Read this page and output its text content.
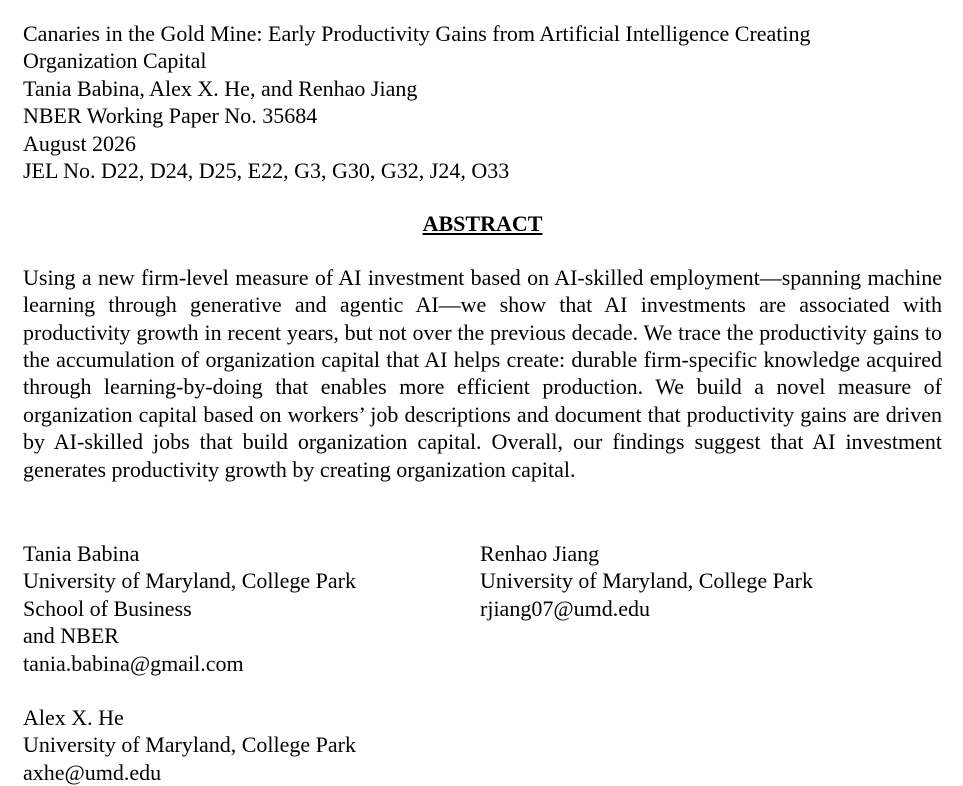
Canaries in the Gold Mine: Early Productivity Gains from Artificial Intelligence Creating
Organization Capital
Tania Babina, Alex X. He, and Renhao Jiang
NBER Working Paper No. 35684
August 2026
JEL No. D22, D24, D25, E22, G3, G30, G32, J24, O33
ABSTRACT

Using a new firm-level measure of AI investment based on AI-skilled employment—spanning machine learning through generative and agentic AI—we show that AI investments are associated with productivity growth in recent years, but not over the previous decade. We trace the productivity gains to the accumulation of organization capital that AI helps create: durable firm-specific knowledge acquired through learning-by-doing that enables more efficient production. We build a novel measure of organization capital based on workers’ job descriptions and document that productivity gains are driven by AI-skilled jobs that build organization capital. Overall, our findings suggest that AI investment generates productivity growth by creating organization capital.

Tania Babina
University of Maryland, College Park
School of Business
and NBER
tania.babina@gmail.com
Renhao Jiang
University of Maryland, College Park
rjiang07@umd.edu
Alex X. He
University of Maryland, College Park
axhe@umd.edu
